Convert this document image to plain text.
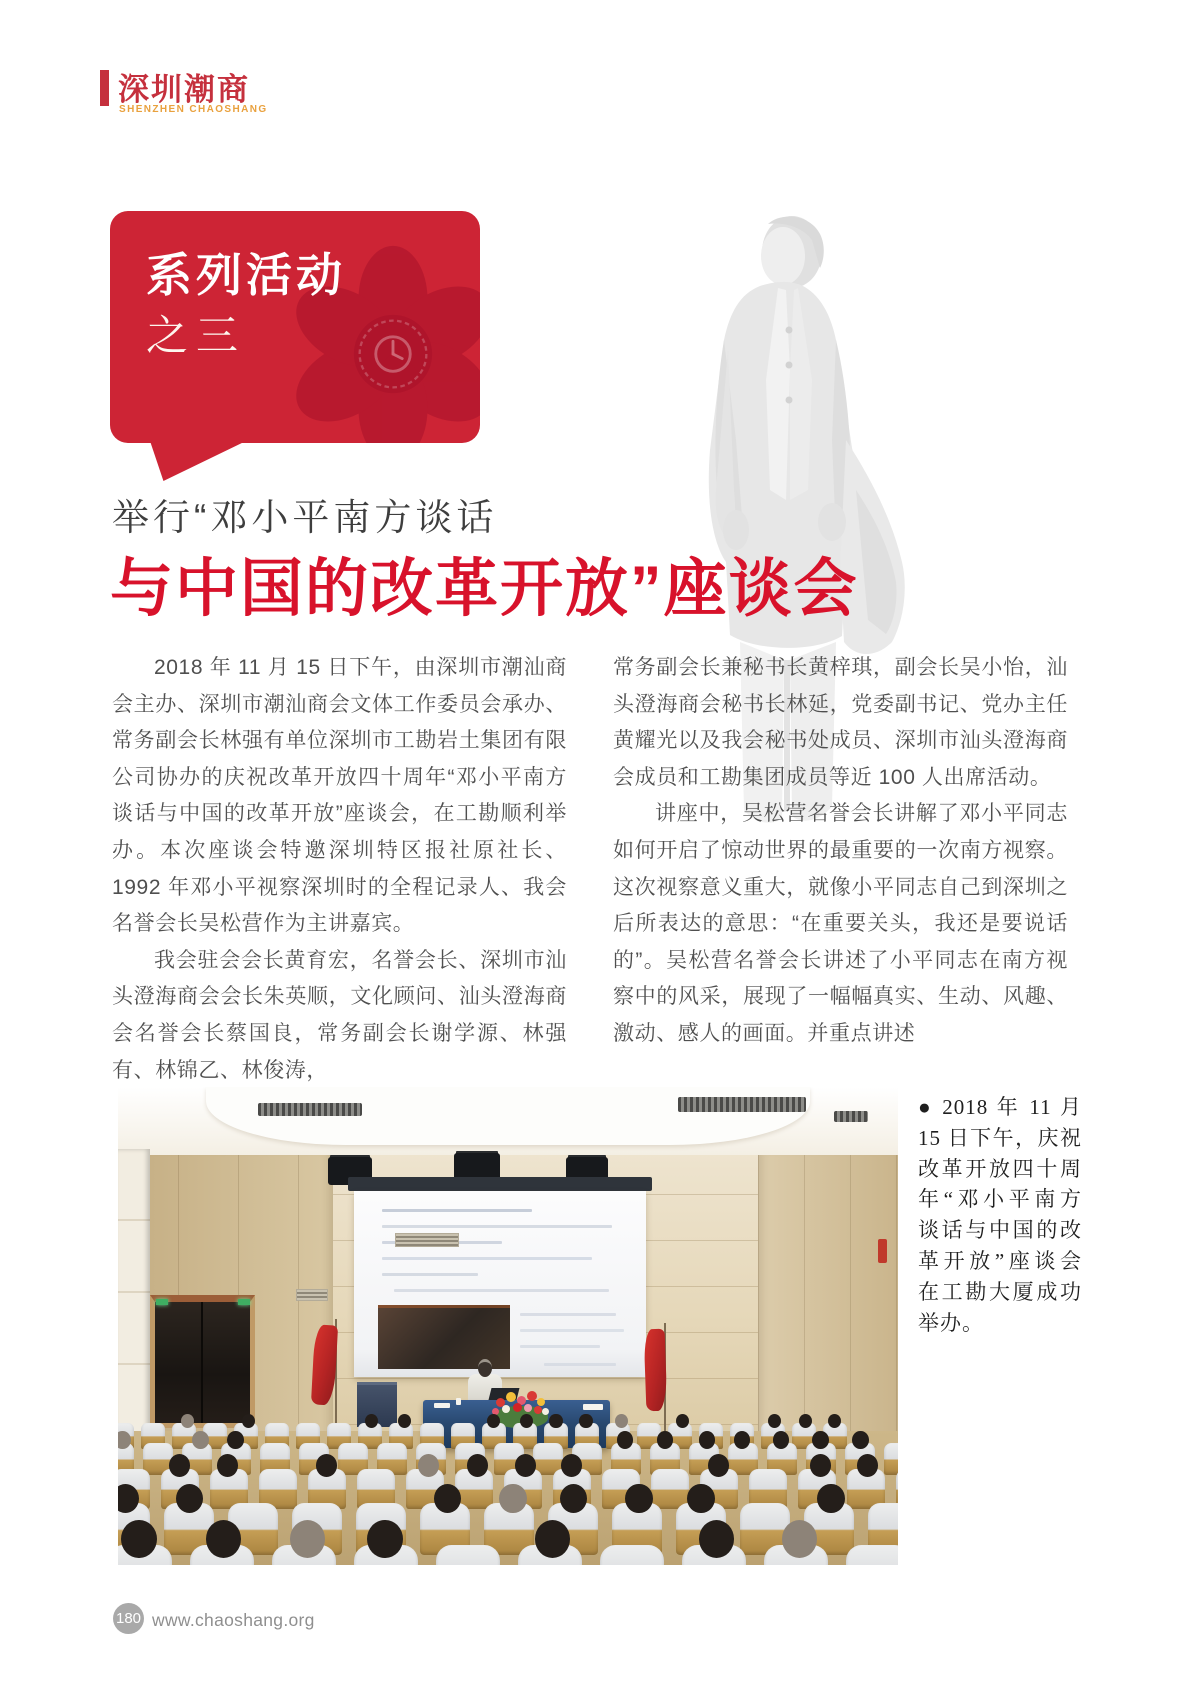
深圳潮商
SHENZHEN CHAOSHANG
系列活动
之三
举行“邓小平南方谈话
与中国的改革开放”座谈会

2018 年 11 月 15 日下午，由深圳市潮汕商会主办、深圳市潮汕商会文体工作委员会承办、常务副会长林强有单位深圳市工勘岩土集团有限公司协办的庆祝改革开放四十周年“邓小平南方谈话与中国的改革开放”座谈会，在工勘顺利举办。本次座谈会特邀深圳特区报社原社长、1992 年邓小平视察深圳时的全程记录人、我会名誉会长吴松营作为主讲嘉宾。

我会驻会会长黄育宏，名誉会长、深圳市汕头澄海商会会长朱英顺，文化顾问、汕头澄海商会名誉会长蔡国良，常务副会长谢学源、林强有、林锦乙、林俊涛，

常务副会长兼秘书长黄梓琪，副会长吴小怡，汕头澄海商会秘书长林延，党委副书记、党办主任黄耀光以及我会秘书处成员、深圳市汕头澄海商会成员和工勘集团成员等近 100 人出席活动。

讲座中，吴松营名誉会长讲解了邓小平同志如何开启了惊动世界的最重要的一次南方视察。这次视察意义重大，就像小平同志自己到深圳之后所表达的意思：“在重要关头，我还是要说话的”。吴松营名誉会长讲述了小平同志在南方视察中的风采，展现了一幅幅真实、生动、风趣、激动、感人的画面。并重点讲述

● 2018 年 11 月 15 日下午，庆祝改革开放四十周年“邓小平南方谈话与中国的改革开放”座谈会在工勘大厦成功举办。
180 www.chaoshang.org
